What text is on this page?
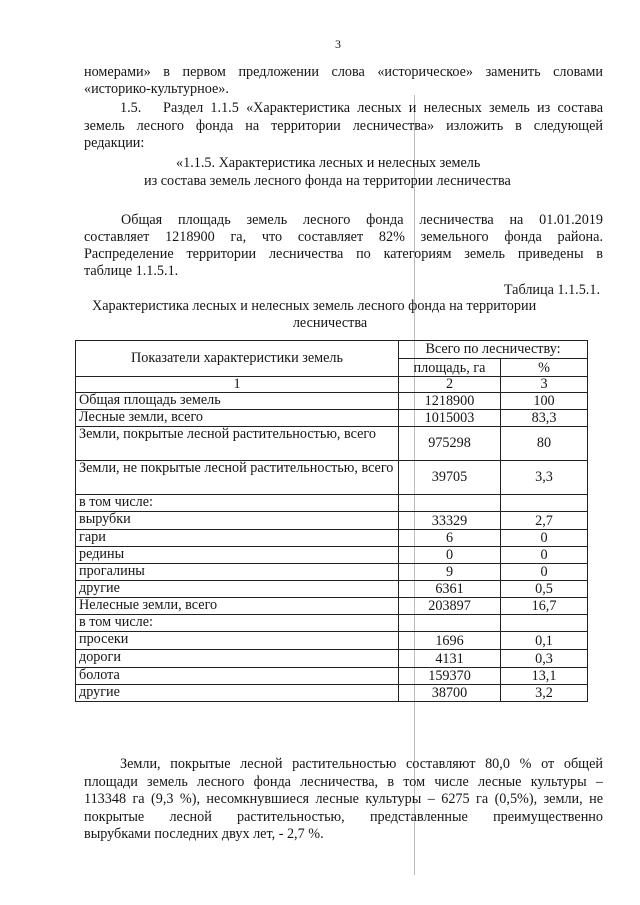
3
номерами» в первом предложении слова «историческое» заменить словами
«историко-культурное».
1.5.   Раздел 1.1.5 «Характеристика лесных и нелесных земель из состава
земель лесного фонда на территории лесничества» изложить в следующей
редакции:
«1.1.5. Характеристика лесных и нелесных земель
из состава земель лесного фонда на территории лесничества
Общая площадь земель лесного фонда лесничества на 01.01.2019
составляет 1218900 га, что составляет 82% земельного фонда района.
Распределение территории лесничества по категориям земель приведены в
таблице 1.1.5.1.
Таблица 1.1.5.1.
Характеристика лесных и нелесных земель лесного фонда на территории
лесничества
Показатели характеристики земель	Всего по лесничеству:	
	площадь, га	%
1	2	3
Общая площадь земель	1218900	100
Лесные земли, всего	1015003	83,3
Земли, покрытые лесной растительностью, всего	975298	80
Земли, не покрытые лесной растительностью, всего	39705	3,3
в том числе:		
вырубки	33329	2,7
гари	6	0
редины	0	0
прогалины	9	0
другие	6361	0,5
Нелесные земли, всего	203897	16,7
в том числе:		
просеки	1696	0,1
дороги	4131	0,3
болота	159370	13,1
другие	38700	3,2
Земли, покрытые лесной растительностью составляют 80,0 % от общей
площади земель лесного фонда лесничества, в том числе лесные культуры –
113348 га (9,3 %), несомкнувшиеся лесные культуры – 6275 га (0,5%), земли, не
покрытые лесной растительностью, представленные преимущественно
вырубками последних двух лет, - 2,7 %.
